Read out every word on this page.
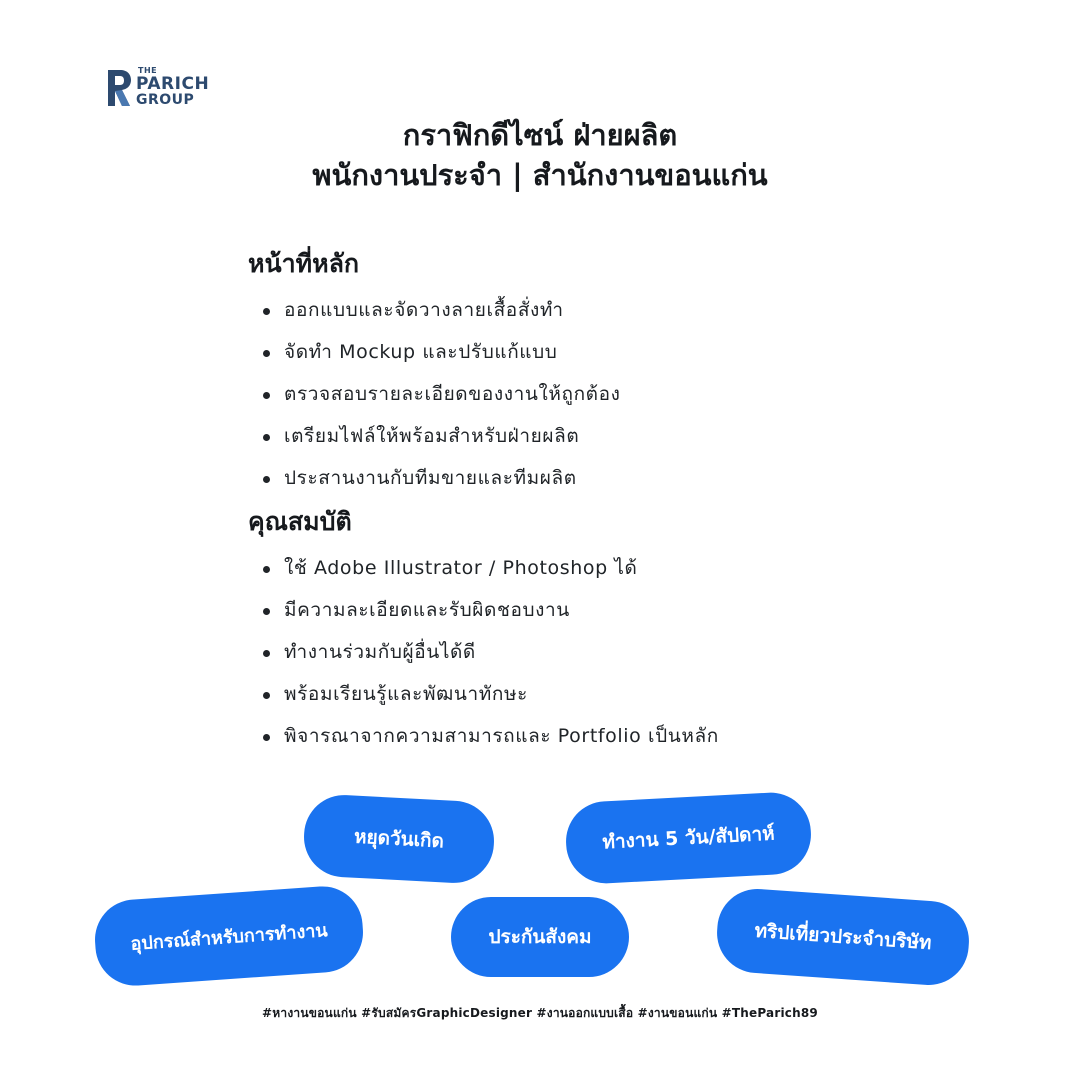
THE
PARICH
GROUP
กราฟิกดีไซน์ ฝ่ายผลิต
พนักงานประจำ | สำนักงานขอนแก่น
หน้าที่หลัก
ออกแบบและจัดวางลายเสื้อสั่งทำ
จัดทำ Mockup และปรับแก้แบบ
ตรวจสอบรายละเอียดของงานให้ถูกต้อง
เตรียมไฟล์ให้พร้อมสำหรับฝ่ายผลิต
ประสานงานกับทีมขายและทีมผลิต
คุณสมบัติ
ใช้ Adobe Illustrator / Photoshop ได้
มีความละเอียดและรับผิดชอบงาน
ทำงานร่วมกับผู้อื่นได้ดี
พร้อมเรียนรู้และพัฒนาทักษะ
พิจารณาจากความสามารถและ Portfolio เป็นหลัก
หยุดวันเกิด	ทำงาน 5 วัน/สัปดาห์
อุปกรณ์สำหรับการทำงาน	ประกันสังคม	ทริปเที่ยวประจำบริษัท
#หางานขอนแก่น #รับสมัครGraphicDesigner #งานออกแบบเสื้อ #งานขอนแก่น #TheParich89
